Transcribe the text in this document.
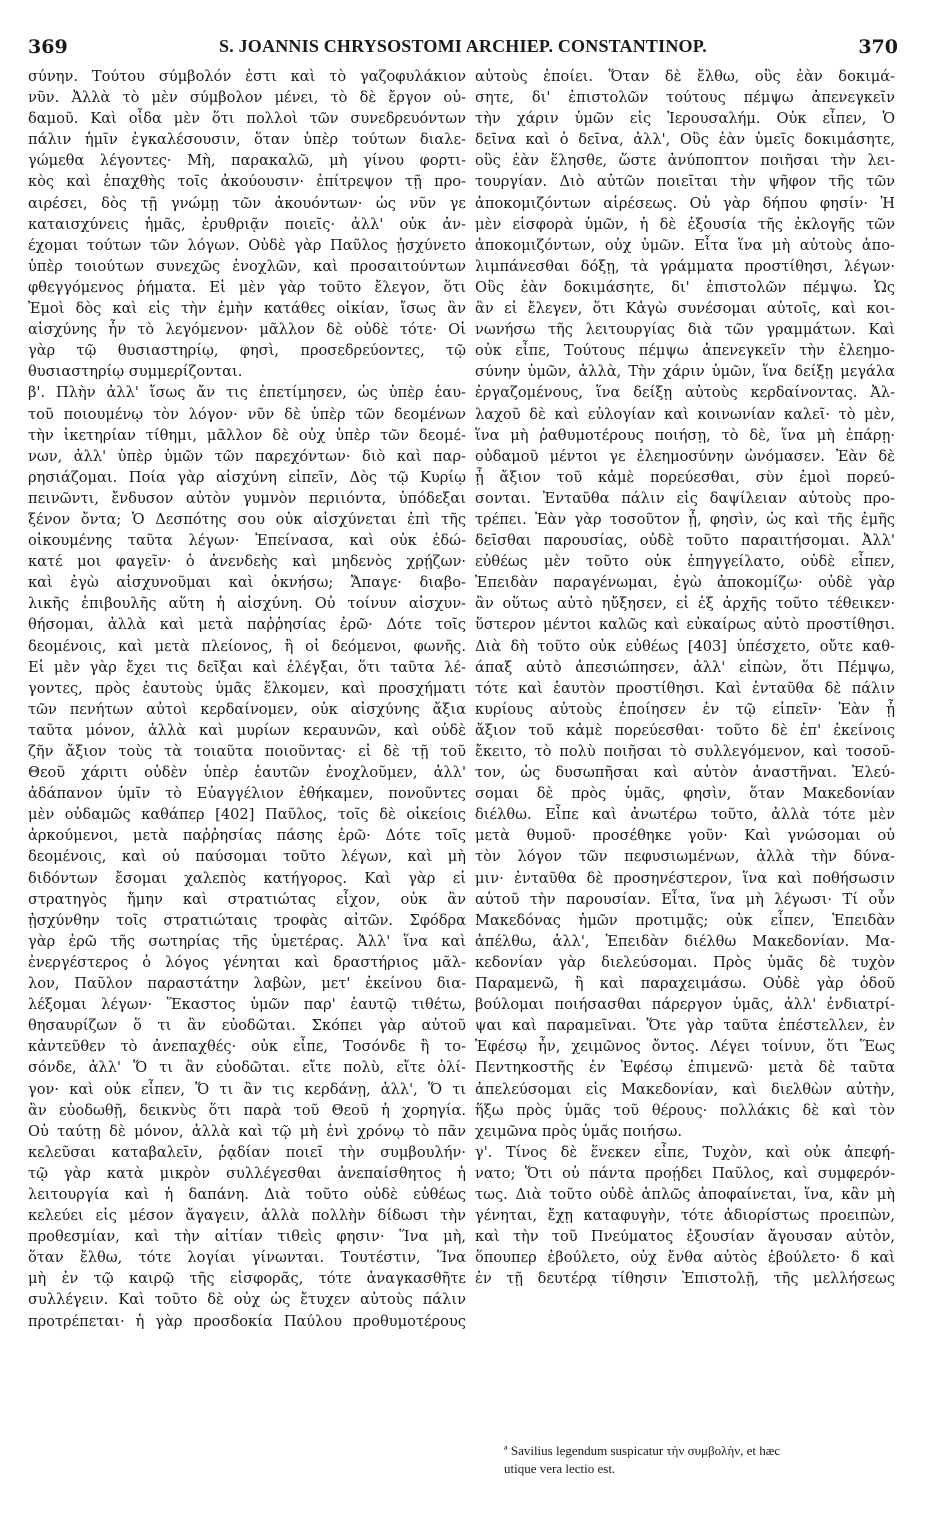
369	S. JOANNIS CHRYSOSTOMI ARCHIEP. CONSTANTINOP.	370
σύνην. Τούτου σύμβολόν ἐστι καὶ τὸ γαζοφυλάκιον
νῦν. Ἀλλὰ τὸ μὲν σύμβολον μένει, τὸ δὲ ἔργον οὐ-
δαμοῦ. Καὶ οἶδα μὲν ὅτι πολλοὶ τῶν συνεδρευόντων
πάλιν ἡμῖν ἐγκαλέσουσιν, ὅταν ὑπὲρ τούτων διαλε-
γώμεθα λέγοντες· Μὴ, παρακαλῶ, μὴ γίνου φορτι-
κὸς καὶ ἐπαχθὴς τοῖς ἀκούουσιν· ἐπίτρεψον τῇ προ-
αιρέσει, δὸς τῇ γνώμῃ τῶν ἀκουόντων· ὡς νῦν γε
καταισχύνεις ἡμᾶς, ἐρυθριᾷν ποιεῖς· ἀλλ' οὐκ ἀν-
έχομαι τούτων τῶν λόγων. Οὐδὲ γὰρ Παῦλος ᾐσχύνετο
ὑπὲρ τοιούτων συνεχῶς ἐνοχλῶν, καὶ προσαιτούντων
φθεγγόμενος ῥήματα. Εἰ μὲν γὰρ τοῦτο ἔλεγον, ὅτι
Ἐμοὶ δὸς καὶ εἰς τὴν ἐμὴν κατάθες οἰκίαν, ἴσως ἂν
αἰσχύνης ἦν τὸ λεγόμενον· μᾶλλον δὲ οὐδὲ τότε· Οἱ
γὰρ τῷ θυσιαστηρίῳ, φησὶ, προσεδρεύοντες, τῷ
θυσιαστηρίῳ συμμερίζονται.
β'. Πλὴν ἀλλ' ἴσως ἄν τις ἐπετίμησεν, ὡς ὑπὲρ ἑαυ-
τοῦ ποιουμένῳ τὸν λόγον· νῦν δὲ ὑπὲρ τῶν δεομένων
τὴν ἱκετηρίαν τίθημι, μᾶλλον δὲ οὐχ ὑπὲρ τῶν δεομέ-
νων, ἀλλ' ὑπὲρ ὑμῶν τῶν παρεχόντων· διὸ καὶ παρ-
ρησιάζομαι. Ποία γὰρ αἰσχύνη εἰπεῖν, Δὸς τῷ Κυρίῳ
πεινῶντι, ἔνδυσον αὐτὸν γυμνὸν περιιόντα, ὑπόδεξαι
ξένον ὄντα; Ὁ Δεσπότης σου οὐκ αἰσχύνεται ἐπὶ τῆς
οἰκουμένης ταῦτα λέγων· Ἐπείνασα, καὶ οὐκ ἐδώ-
κατέ μοι φαγεῖν· ὁ ἀνενδεὴς καὶ μηδενὸς χρῄζων·
καὶ ἐγὼ αἰσχυνοῦμαι καὶ ὀκνήσω; Ἄπαγε· διαβο-
λικῆς ἐπιβουλῆς αὕτη ἡ αἰσχύνη. Οὐ τοίνυν αἰσχυν-
θήσομαι, ἀλλὰ καὶ μετὰ παῤῥησίας ἐρῶ· Δότε τοῖς
δεομένοις, καὶ μετὰ πλείονος, ἢ οἱ δεόμενοι, φωνῆς.
Εἰ μὲν γὰρ ἔχει τις δεῖξαι καὶ ἐλέγξαι, ὅτι ταῦτα λέ-
γοντες, πρὸς ἑαυτοὺς ὑμᾶς ἕλκομεν, καὶ προσχήματι
τῶν πενήτων αὐτοὶ κερδαίνομεν, οὐκ αἰσχύνης ἄξια
ταῦτα μόνον, ἀλλὰ καὶ μυρίων κεραυνῶν, καὶ οὐδὲ
ζῆν ἄξιον τοὺς τὰ τοιαῦτα ποιοῦντας· εἰ δὲ τῇ τοῦ
Θεοῦ χάριτι οὐδὲν ὑπὲρ ἑαυτῶν ἐνοχλοῦμεν, ἀλλ'
ἀδάπανον ὑμῖν τὸ Εὐαγγέλιον ἐθήκαμεν, πονοῦντες
μὲν οὐδαμῶς καθάπερ [402] Παῦλος, τοῖς δὲ οἰκείοις
ἀρκούμενοι, μετὰ παῤῥησίας πάσης ἐρῶ· Δότε τοῖς
δεομένοις, καὶ οὐ παύσομαι τοῦτο λέγων, καὶ μὴ
διδόντων ἔσομαι χαλεπὸς κατήγορος. Καὶ γὰρ εἰ
στρατηγὸς ἤμην καὶ στρατιώτας εἶχον, οὐκ ἂν
ᾐσχύνθην τοῖς στρατιώταις τροφὰς αἰτῶν. Σφόδρα
γὰρ ἐρῶ τῆς σωτηρίας τῆς ὑμετέρας. Ἀλλ' ἵνα καὶ
ἐνεργέστερος ὁ λόγος γένηται καὶ δραστήριος μᾶλ-
λον, Παῦλον παραστάτην λαβὼν, μετ' ἐκείνου δια-
λέξομαι λέγων· Ἕκαστος ὑμῶν παρ' ἑαυτῷ τιθέτω,
θησαυρίζων ὅ τι ἂν εὐοδῶται. Σκόπει γὰρ αὐτοῦ
κἀντεῦθεν τὸ ἀνεπαχθές· οὐκ εἶπε, Τοσόνδε ἢ το-
σόνδε, ἀλλ' Ὅ τι ἂν εὐοδῶται. εἴτε πολὺ, εἴτε ὀλί-
γον· καὶ οὐκ εἶπεν, Ὅ τι ἂν τις κερδάνῃ, ἀλλ', Ὅ τι
ἂν εὐοδωθῇ, δεικνὺς ὅτι παρὰ τοῦ Θεοῦ ἡ χορηγία.
Οὐ ταύτῃ δὲ μόνον, ἀλλὰ καὶ τῷ μὴ ἐνὶ χρόνῳ τὸ πᾶν
κελεῦσαι καταβαλεῖν, ῥᾳδίαν ποιεῖ τὴν συμβουλήν·
τῷ γὰρ κατὰ μικρὸν συλλέγεσθαι ἀνεπαίσθητος ἡ
λειτουργία καὶ ἡ δαπάνη. Διὰ τοῦτο οὐδὲ εὐθέως
κελεύει εἰς μέσον ἄγαγειν, ἀλλὰ πολλὴν δίδωσι τὴν
προθεσμίαν, καὶ τὴν αἰτίαν τιθεὶς φησιν· Ἵνα μὴ,
ὅταν ἔλθω, τότε λογίαι γίνωνται. Τουτέστιν, Ἵνα
μὴ ἐν τῷ καιρῷ τῆς εἰσφορᾶς, τότε ἀναγκασθῆτε
συλλέγειν. Καὶ τοῦτο δὲ οὐχ ὡς ἔτυχεν αὐτοὺς πάλιν
προτρέπεται· ἡ γὰρ προσδοκία Παύλου προθυμοτέρους
αὐτοὺς ἐποίει. Ὅταν δὲ ἔλθω, οὓς ἐὰν δοκιμά-
σητε, δι' ἐπιστολῶν τούτους πέμψω ἀπενεγκεῖν
τὴν χάριν ὑμῶν εἰς Ἱερουσαλήμ. Οὐκ εἶπεν, Ὁ
δεῖνα καὶ ὁ δεῖνα, ἀλλ', Οὓς ἐὰν ὑμεῖς δοκιμάσητε,
οὓς ἐὰν ἕλησθε, ὥστε ἀνύποπτον ποιῆσαι τὴν λει-
τουργίαν. Διὸ αὐτῶν ποιεῖται τὴν ψῆφον τῆς τῶν
ἀποκομιζόντων αἱρέσεως. Οὐ γὰρ δήπου φησίν· Ἡ
μὲν εἰσφορὰ ὑμῶν, ἡ δὲ ἐξουσία τῆς ἐκλογῆς τῶν
ἀποκομιζόντων, οὐχ ὑμῶν. Εἶτα ἵνα μὴ αὐτοὺς ἀπο-
λιμπάνεσθαι δόξῃ, τὰ γράμματα προστίθησι, λέγων·
Οὓς ἐὰν δοκιμάσητε, δι' ἐπιστολῶν πέμψω. Ὡς
ἂν εἰ ἔλεγεν, ὅτι Κἀγὼ συνέσομαι αὐτοῖς, καὶ κοι-
νωνήσω τῆς λειτουργίας διὰ τῶν γραμμάτων. Καὶ
οὐκ εἶπε, Τούτους πέμψω ἀπενεγκεῖν τὴν ἐλεημο-
σύνην ὑμῶν, ἀλλὰ, Τὴν χάριν ὑμῶν, ἵνα δείξῃ μεγάλα
ἐργαζομένους, ἵνα δείξῃ αὐτοὺς κερδαίνοντας. Ἀλ-
λαχοῦ δὲ καὶ εὐλογίαν καὶ κοινωνίαν καλεῖ· τὸ μὲν,
ἵνα μὴ ῥαθυμοτέρους ποιήσῃ, τὸ δὲ, ἵνα μὴ ἐπάρῃ·
οὐδαμοῦ μέντοι γε ἐλεημοσύνην ὠνόμασεν. Ἐὰν δὲ
ᾖ ἄξιον τοῦ κἀμὲ πορεύεσθαι, σὺν ἐμοὶ πορεύ-
σονται. Ἐνταῦθα πάλιν εἰς δαψίλειαν αὐτοὺς προ-
τρέπει. Ἐὰν γὰρ τοσοῦτον ᾖ, φησὶν, ὡς καὶ τῆς ἐμῆς
δεῖσθαι παρουσίας, οὐδὲ τοῦτο παραιτήσομαι. Ἀλλ'
εὐθέως μὲν τοῦτο οὐκ ἐπηγγείλατο, οὐδὲ εἶπεν,
Ἐπειδὰν παραγένωμαι, ἐγὼ ἀποκομίζω· οὐδὲ γὰρ
ἂν οὕτως αὐτὸ ηὔξησεν, εἰ ἐξ ἀρχῆς τοῦτο τέθεικεν·
ὕστερον μέντοι καλῶς καὶ εὐκαίρως αὐτὸ προστίθησι.
Διὰ δὴ τοῦτο οὐκ εὐθέως [403] ὑπέσχετο, οὔτε καθ-
άπαξ αὐτὸ ἀπεσιώπησεν, ἀλλ' εἰπὼν, ὅτι Πέμψω,
τότε καὶ ἑαυτὸν προστίθησι. Καὶ ἐνταῦθα δὲ πάλιν
κυρίους αὐτοὺς ἐποίησεν ἐν τῷ εἰπεῖν· Ἐὰν ᾖ
ἄξιον τοῦ κἀμὲ πορεύεσθαι· τοῦτο δὲ ἐπ' ἐκείνοις
ἔκειτο, τὸ πολὺ ποιῆσαι τὸ συλλεγόμενον, καὶ τοσοῦ-
τον, ὡς δυσωπῆσαι καὶ αὐτὸν ἀναστῆναι. Ἐλεύ-
σομαι δὲ πρὸς ὑμᾶς, φησὶν, ὅταν Μακεδονίαν
διέλθω. Εἶπε καὶ ἀνωτέρω τοῦτο, ἀλλὰ τότε μὲν
μετὰ θυμοῦ· προσέθηκε γοῦν· Καὶ γνώσομαι οὐ
τὸν λόγον τῶν πεφυσιωμένων, ἀλλὰ τὴν δύνα-
μιν· ἐνταῦθα δὲ προσηνέστερον, ἵνα καὶ ποθήσωσιν
αὐτοῦ τὴν παρουσίαν. Εἶτα, ἵνα μὴ λέγωσι· Τί οὖν
Μακεδόνας ἡμῶν προτιμᾷς; οὐκ εἶπεν, Ἐπειδὰν
ἀπέλθω, ἀλλ', Ἐπειδὰν διέλθω Μακεδονίαν. Μα-
κεδονίαν γὰρ διελεύσομαι. Πρὸς ὑμᾶς δὲ τυχὸν
Παραμενῶ, ἢ καὶ παραχειμάσω. Οὐδὲ γὰρ ὁδοῦ
βούλομαι ποιήσασθαι πάρεργον ὑμᾶς, ἀλλ' ἐνδιατρί-
ψαι καὶ παραμεῖναι. Ὅτε γὰρ ταῦτα ἐπέστελλεν, ἐν
Ἐφέσῳ ἦν, χειμῶνος ὄντος. Λέγει τοίνυν, ὅτι Ἕως
Πεντηκοστῆς ἐν Ἐφέσῳ ἐπιμενῶ· μετὰ δὲ ταῦτα
ἀπελεύσομαι εἰς Μακεδονίαν, καὶ διελθὼν αὐτὴν,
ἥξω πρὸς ὑμᾶς τοῦ θέρους· πολλάκις δὲ καὶ τὸν
χειμῶνα πρὸς ὑμᾶς ποιήσω.
γ'. Τίνος δὲ ἕνεκεν εἶπε, Τυχὸν, καὶ οὐκ ἀπεφή-
νατο; Ὅτι οὐ πάντα προῄδει Παῦλος, καὶ συμφερόν-
τως. Διὰ τοῦτο οὐδὲ ἁπλῶς ἀποφαίνεται, ἵνα, κἂν μὴ
γένηται, ἔχῃ καταφυγὴν, τότε ἀδιορίστως προειπὼν,
καὶ τὴν τοῦ Πνεύματος ἐξουσίαν ἄγουσαν αὐτὸν,
ὅπουπερ ἐβούλετο, οὐχ ἔνθα αὐτὸς ἐβούλετο· δ καὶ
ἐν τῇ δευτέρᾳ τίθησιν Ἐπιστολῇ, τῆς μελλήσεως
ª Savilius legendum suspicatur τὴν συμβολὴν, et hæc
utique vera lectio est.
